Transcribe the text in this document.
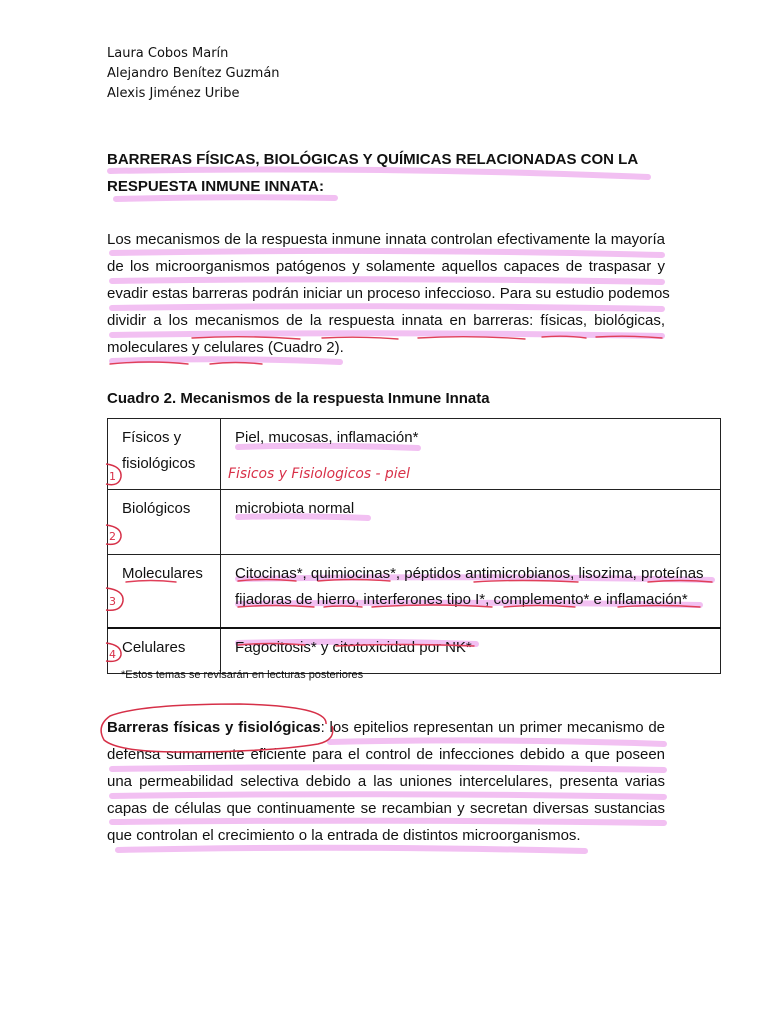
Laura Cobos Marín
Alejandro Benítez Guzmán
Alexis Jiménez Uribe
BARRERAS FÍSICAS, BIOLÓGICAS Y QUÍMICAS RELACIONADAS CON LA
RESPUESTA INMUNE INNATA:
Los mecanismos de la respuesta inmune innata controlan efectivamente la mayoría
de los microorganismos patógenos y solamente aquellos capaces de traspasar y
evadir estas barreras podrán iniciar un proceso infeccioso. Para su estudio podemos
dividir a los mecanismos de la respuesta innata en barreras: físicas, biológicas,
moleculares y celulares (Cuadro 2).
Cuadro 2. Mecanismos de la respuesta Inmune Innata
Físicos y
fisiológicos	Piel, mucosas, inflamación*

Biológicos	microbiota normal

Moleculares	Citocinas*, quimiocinas*, péptidos antimicrobianos, lisozima, proteínas
fijadoras de hierro, interferones tipo I*, complemento* e inflamación*

Celulares	Fagocitosis* y citotoxicidad por NK*
*Estos temas se revisarán en lecturas posteriores
Barreras físicas y fisiológicas: los epitelios representan un primer mecanismo de
defensa sumamente eficiente para el control de infecciones debido a que poseen
una permeabilidad selectiva debido a las uniones intercelulares, presenta varias
capas de células que continuamente se recambian y secretan diversas sustancias
que controlan el crecimiento o la entrada de distintos microorganismos.
Fisicos y Fisiologicos - piel
1
2
3
4
